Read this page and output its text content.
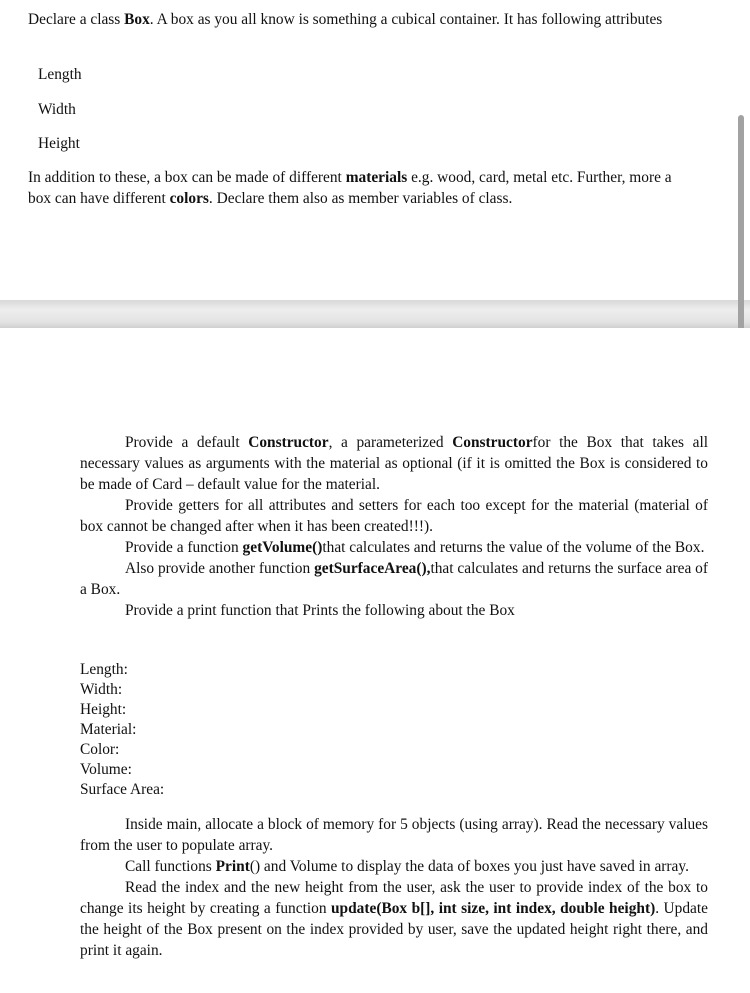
Declare a class Box. A box as you all know is something a cubical container. It has following attributes

Length

Width

Height

In addition to these, a box can be made of different materials e.g. wood, card, metal etc. Further, more a box can have different colors. Declare them also as member variables of class.

Provide a default Constructor, a parameterized Constructorfor the Box that takes all necessary values as arguments with the material as optional (if it is omitted the Box is considered to be made of Card – default value for the material.

Provide getters for all attributes and setters for each too except for the material (material of box cannot be changed after when it has been created!!!).

Provide a function getVolume()that calculates and returns the value of the volume of the Box.

Also provide another function getSurfaceArea(),that calculates and returns the surface area of a Box.

Provide a print function that Prints the following about the Box

Length:

Width:

Height:

Material:

Color:

Volume:

Surface Area:

Inside main, allocate a block of memory for 5 objects (using array). Read the necessary values from the user to populate array.

Call functions Print() and Volume to display the data of boxes you just have saved in array.

Read the index and the new height from the user, ask the user to provide index of the box to change its height by creating a function update(Box b[], int size, int index, double height). Update the height of the Box present on the index provided by user, save the updated height right there, and print it again.
